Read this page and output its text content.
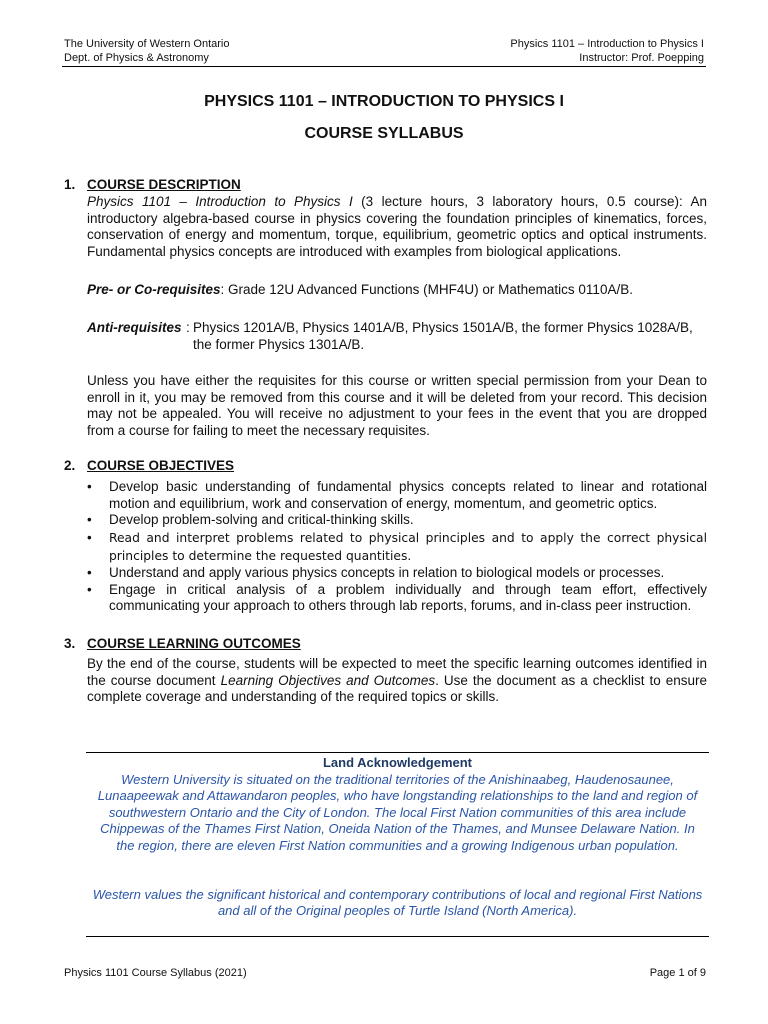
The University of Western Ontario
Dept. of Physics & Astronomy
Physics 1101 – Introduction to Physics I
Instructor: Prof. Poepping
PHYSICS 1101 – INTRODUCTION TO PHYSICS I
COURSE SYLLABUS
1. COURSE DESCRIPTION
Physics 1101 – Introduction to Physics I (3 lecture hours, 3 laboratory hours, 0.5 course): An introductory algebra-based course in physics covering the foundation principles of kinematics, forces, conservation of energy and momentum, torque, equilibrium, geometric optics and optical instruments. Fundamental physics concepts are introduced with examples from biological applications.
Pre- or Co-requisites: Grade 12U Advanced Functions (MHF4U) or Mathematics 0110A/B.
Anti-requisites : Physics 1201A/B, Physics 1401A/B, Physics 1501A/B, the former Physics 1028A/B, the former Physics 1301A/B.
Unless you have either the requisites for this course or written special permission from your Dean to enroll in it, you may be removed from this course and it will be deleted from your record. This decision may not be appealed. You will receive no adjustment to your fees in the event that you are dropped from a course for failing to meet the necessary requisites.
2. COURSE OBJECTIVES
• Develop basic understanding of fundamental physics concepts related to linear and rotational motion and equilibrium, work and conservation of energy, momentum, and geometric optics.
• Develop problem-solving and critical-thinking skills.
• Read and interpret problems related to physical principles and to apply the correct physical principles to determine the requested quantities.
• Understand and apply various physics concepts in relation to biological models or processes.
• Engage in critical analysis of a problem individually and through team effort, effectively communicating your approach to others through lab reports, forums, and in-class peer instruction.
3. COURSE LEARNING OUTCOMES
By the end of the course, students will be expected to meet the specific learning outcomes identified in the course document Learning Objectives and Outcomes. Use the document as a checklist to ensure complete coverage and understanding of the required topics or skills.
Land Acknowledgement
Western University is situated on the traditional territories of the Anishinaabeg, Haudenosaunee, Lunaapeewak and Attawandaron peoples, who have longstanding relationships to the land and region of southwestern Ontario and the City of London. The local First Nation communities of this area include Chippewas of the Thames First Nation, Oneida Nation of the Thames, and Munsee Delaware Nation. In the region, there are eleven First Nation communities and a growing Indigenous urban population.
Western values the significant historical and contemporary contributions of local and regional First Nations and all of the Original peoples of Turtle Island (North America).
Physics 1101 Course Syllabus (2021)	Page 1 of 9
